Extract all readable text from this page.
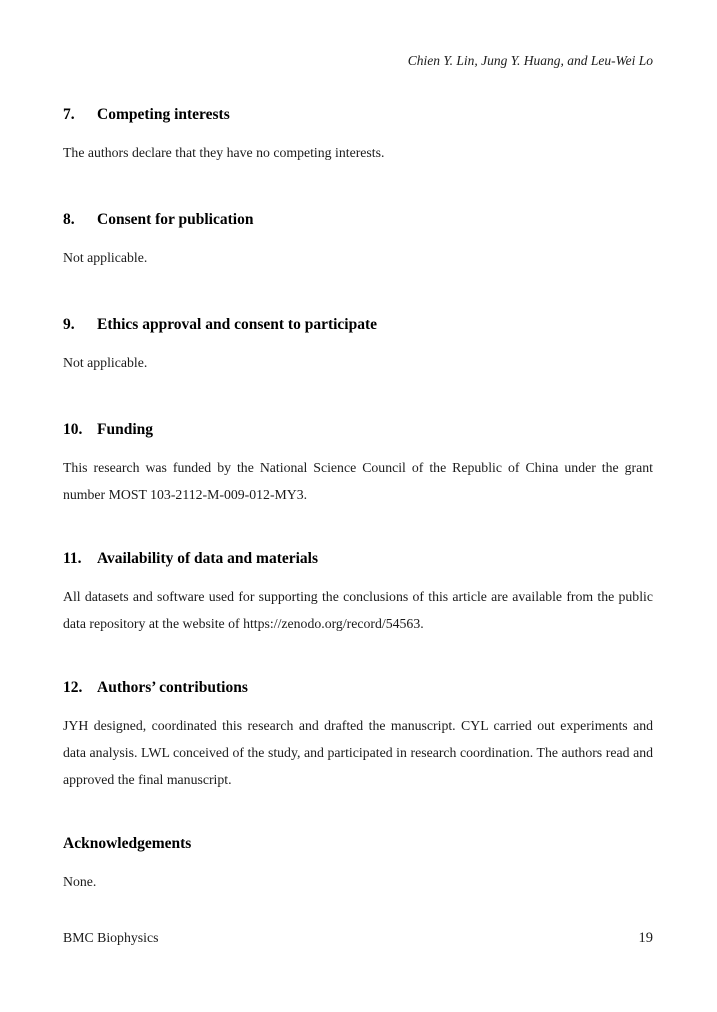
Chien Y. Lin, Jung Y. Huang, and Leu-Wei Lo
7.	Competing interests

The authors declare that they have no competing interests.

8.	Consent for publication

Not applicable.

9.	Ethics approval and consent to participate

Not applicable.

10. Funding

This research was funded by the National Science Council of the Republic of China under the grant number MOST 103-2112-M-009-012-MY3.

11. Availability of data and materials

All datasets and software used for supporting the conclusions of this article are available from the public data repository at the website of https://zenodo.org/record/54563.

12. Authors’ contributions

JYH designed, coordinated this research and drafted the manuscript. CYL carried out experiments and data analysis. LWL conceived of the study, and participated in research coordination. The authors read and approved the final manuscript.

Acknowledgements

None.

BMC Biophysics	19
